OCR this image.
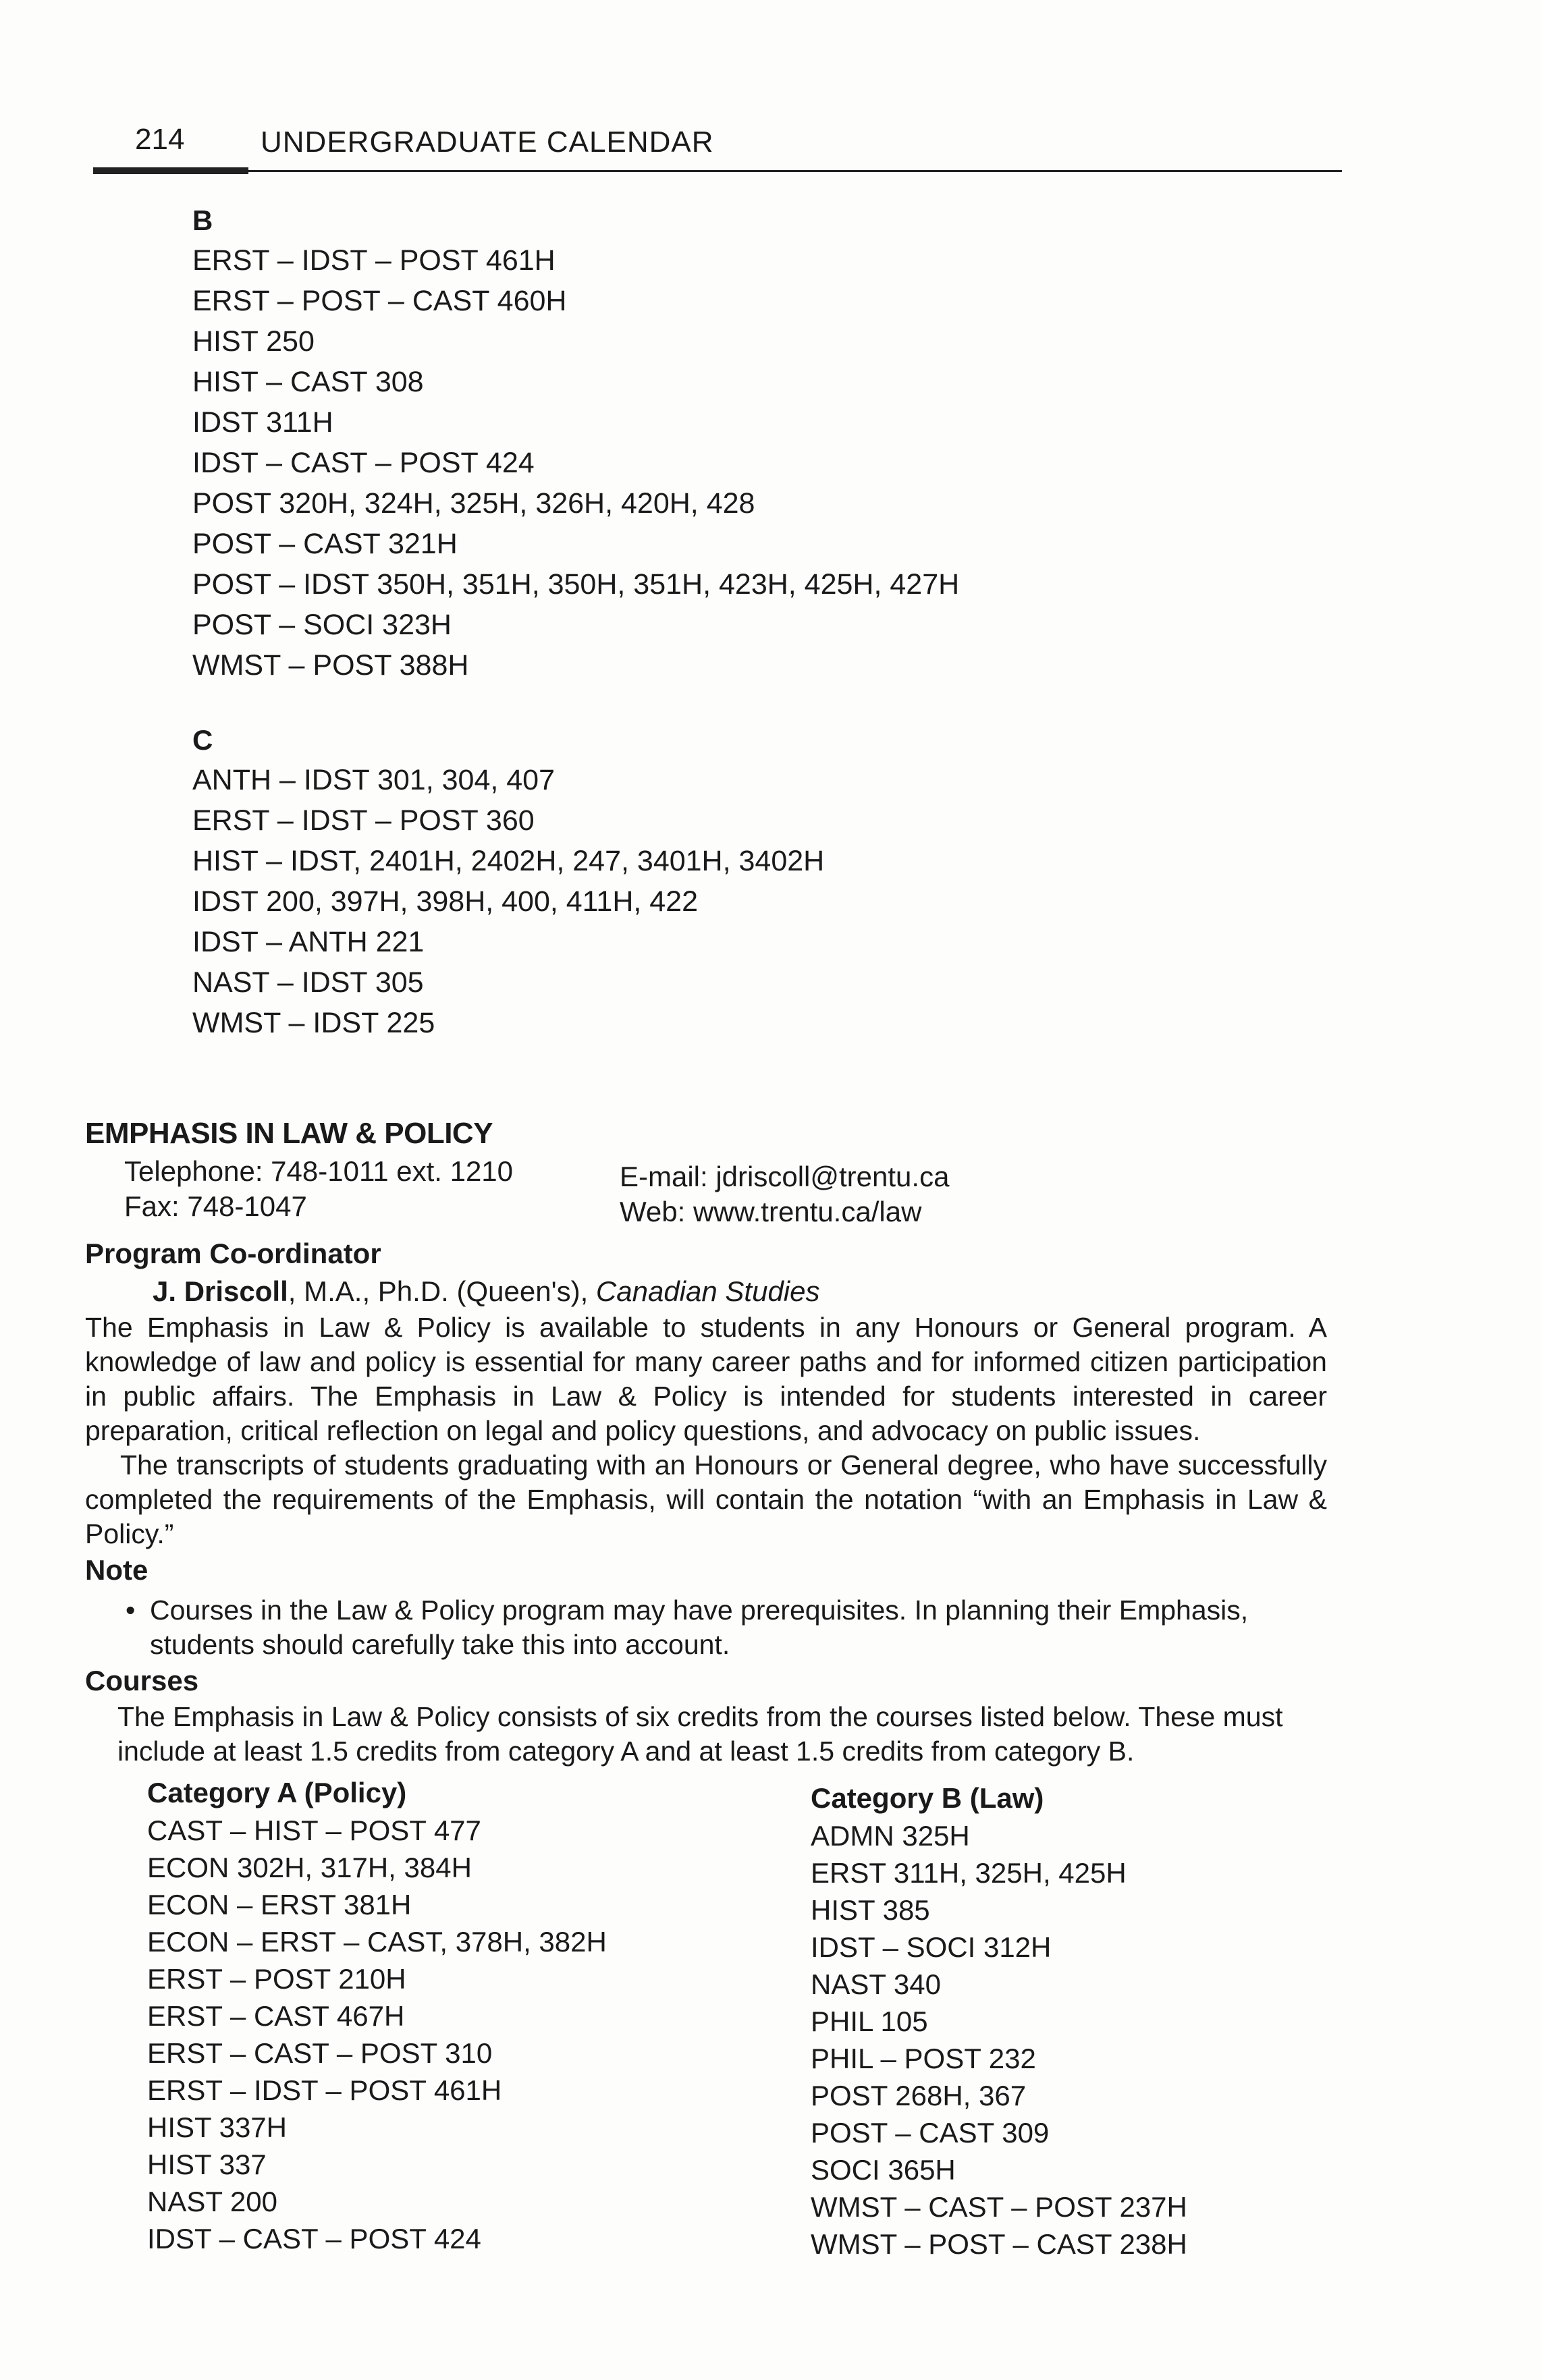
214	UNDERGRADUATE CALENDAR
B
ERST – IDST – POST 461H
ERST – POST – CAST 460H
HIST 250
HIST – CAST 308
IDST 311H
IDST – CAST – POST 424
POST 320H, 324H, 325H, 326H, 420H, 428
POST – CAST 321H
POST – IDST 350H, 351H, 350H, 351H, 423H, 425H, 427H
POST – SOCI 323H
WMST – POST 388H
C
ANTH – IDST 301, 304, 407
ERST – IDST – POST 360
HIST – IDST, 2401H, 2402H, 247, 3401H, 3402H
IDST 200, 397H, 398H, 400, 411H, 422
IDST – ANTH 221
NAST – IDST 305
WMST – IDST 225
EMPHASIS IN LAW & POLICY
Telephone: 748-1011 ext. 1210
Fax: 748-1047
E-mail: jdriscoll@trentu.ca
Web: www.trentu.ca/law
Program Co-ordinator
J. Driscoll, M.A., Ph.D. (Queen's), Canadian Studies
The Emphasis in Law & Policy is available to students in any Honours or General program. A knowledge of law and policy is essential for many career paths and for informed citizen participation in public affairs. The Emphasis in Law & Policy is intended for students interested in career preparation, critical reflection on legal and policy questions, and advocacy on public issues.
The transcripts of students graduating with an Honours or General degree, who have successfully completed the requirements of the Emphasis, will contain the notation “with an Emphasis in Law & Policy.”
Note
• Courses in the Law & Policy program may have prerequisites. In planning their Emphasis, students should carefully take this into account.
Courses
The Emphasis in Law & Policy consists of six credits from the courses listed below. These must include at least 1.5 credits from category A and at least 1.5 credits from category B.
Category A (Policy)
CAST – HIST – POST 477
ECON 302H, 317H, 384H
ECON – ERST 381H
ECON – ERST – CAST, 378H, 382H
ERST – POST 210H
ERST – CAST 467H
ERST – CAST – POST 310
ERST – IDST – POST 461H
HIST 337H
HIST 337
NAST 200
IDST – CAST – POST 424
Category B (Law)
ADMN 325H
ERST 311H, 325H, 425H
HIST 385
IDST – SOCI 312H
NAST 340
PHIL 105
PHIL – POST 232
POST 268H, 367
POST – CAST 309
SOCI 365H
WMST – CAST – POST 237H
WMST – POST – CAST 238H
